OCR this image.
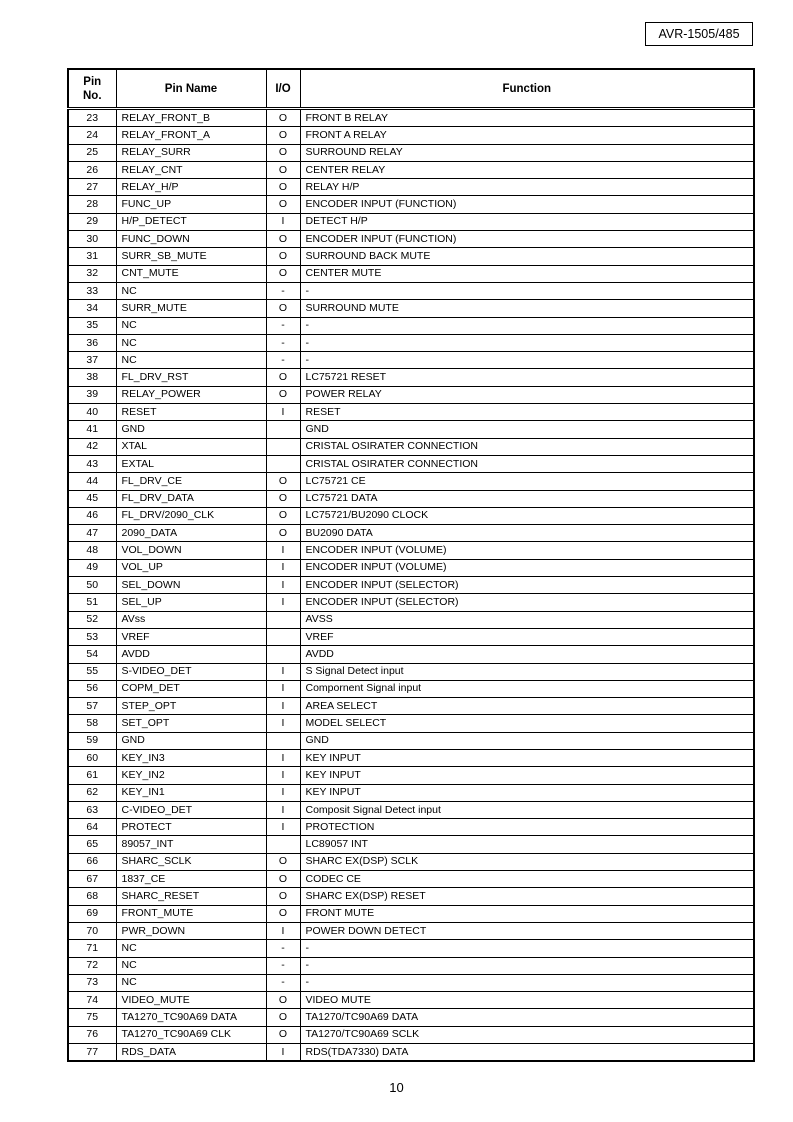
AVR-1505/485
Pin No.	Pin Name	I/O	Function
23	RELAY_FRONT_B	O	FRONT B RELAY
24	RELAY_FRONT_A	O	FRONT A RELAY
25	RELAY_SURR	O	SURROUND RELAY
26	RELAY_CNT	O	CENTER RELAY
27	RELAY_H/P	O	RELAY H/P
28	FUNC_UP	O	ENCODER INPUT (FUNCTION)
29	H/P_DETECT	I	DETECT H/P
30	FUNC_DOWN	O	ENCODER INPUT (FUNCTION)
31	SURR_SB_MUTE	O	SURROUND BACK MUTE
32	CNT_MUTE	O	CENTER MUTE
33	NC	-	-
34	SURR_MUTE	O	SURROUND MUTE
35	NC	-	-
36	NC	-	-
37	NC	-	-
38	FL_DRV_RST	O	LC75721 RESET
39	RELAY_POWER	O	POWER RELAY
40	RESET	I	RESET
41	GND		GND
42	XTAL		CRISTAL OSIRATER CONNECTION
43	EXTAL		CRISTAL OSIRATER CONNECTION
44	FL_DRV_CE	O	LC75721 CE
45	FL_DRV_DATA	O	LC75721 DATA
46	FL_DRV/2090_CLK	O	LC75721/BU2090 CLOCK
47	2090_DATA	O	BU2090 DATA
48	VOL_DOWN	I	ENCODER INPUT (VOLUME)
49	VOL_UP	I	ENCODER INPUT (VOLUME)
50	SEL_DOWN	I	ENCODER INPUT (SELECTOR)
51	SEL_UP	I	ENCODER INPUT (SELECTOR)
52	AVss		AVSS
53	VREF		VREF
54	AVDD		AVDD
55	S-VIDEO_DET	I	S Signal Detect input
56	COPM_DET	I	Compornent Signal input
57	STEP_OPT	I	AREA SELECT
58	SET_OPT	I	MODEL SELECT
59	GND		GND
60	KEY_IN3	I	KEY INPUT
61	KEY_IN2	I	KEY INPUT
62	KEY_IN1	I	KEY INPUT
63	C-VIDEO_DET	I	Composit Signal Detect input
64	PROTECT	I	PROTECTION
65	89057_INT		LC89057 INT
66	SHARC_SCLK	O	SHARC EX(DSP) SCLK
67	1837_CE	O	CODEC CE
68	SHARC_RESET	O	SHARC EX(DSP) RESET
69	FRONT_MUTE	O	FRONT MUTE
70	PWR_DOWN	I	POWER DOWN DETECT
71	NC	-	-
72	NC	-	-
73	NC	-	-
74	VIDEO_MUTE	O	VIDEO MUTE
75	TA1270_TC90A69 DATA	O	TA1270/TC90A69 DATA
76	TA1270_TC90A69 CLK	O	TA1270/TC90A69 SCLK
77	RDS_DATA	I	RDS(TDA7330) DATA
10
